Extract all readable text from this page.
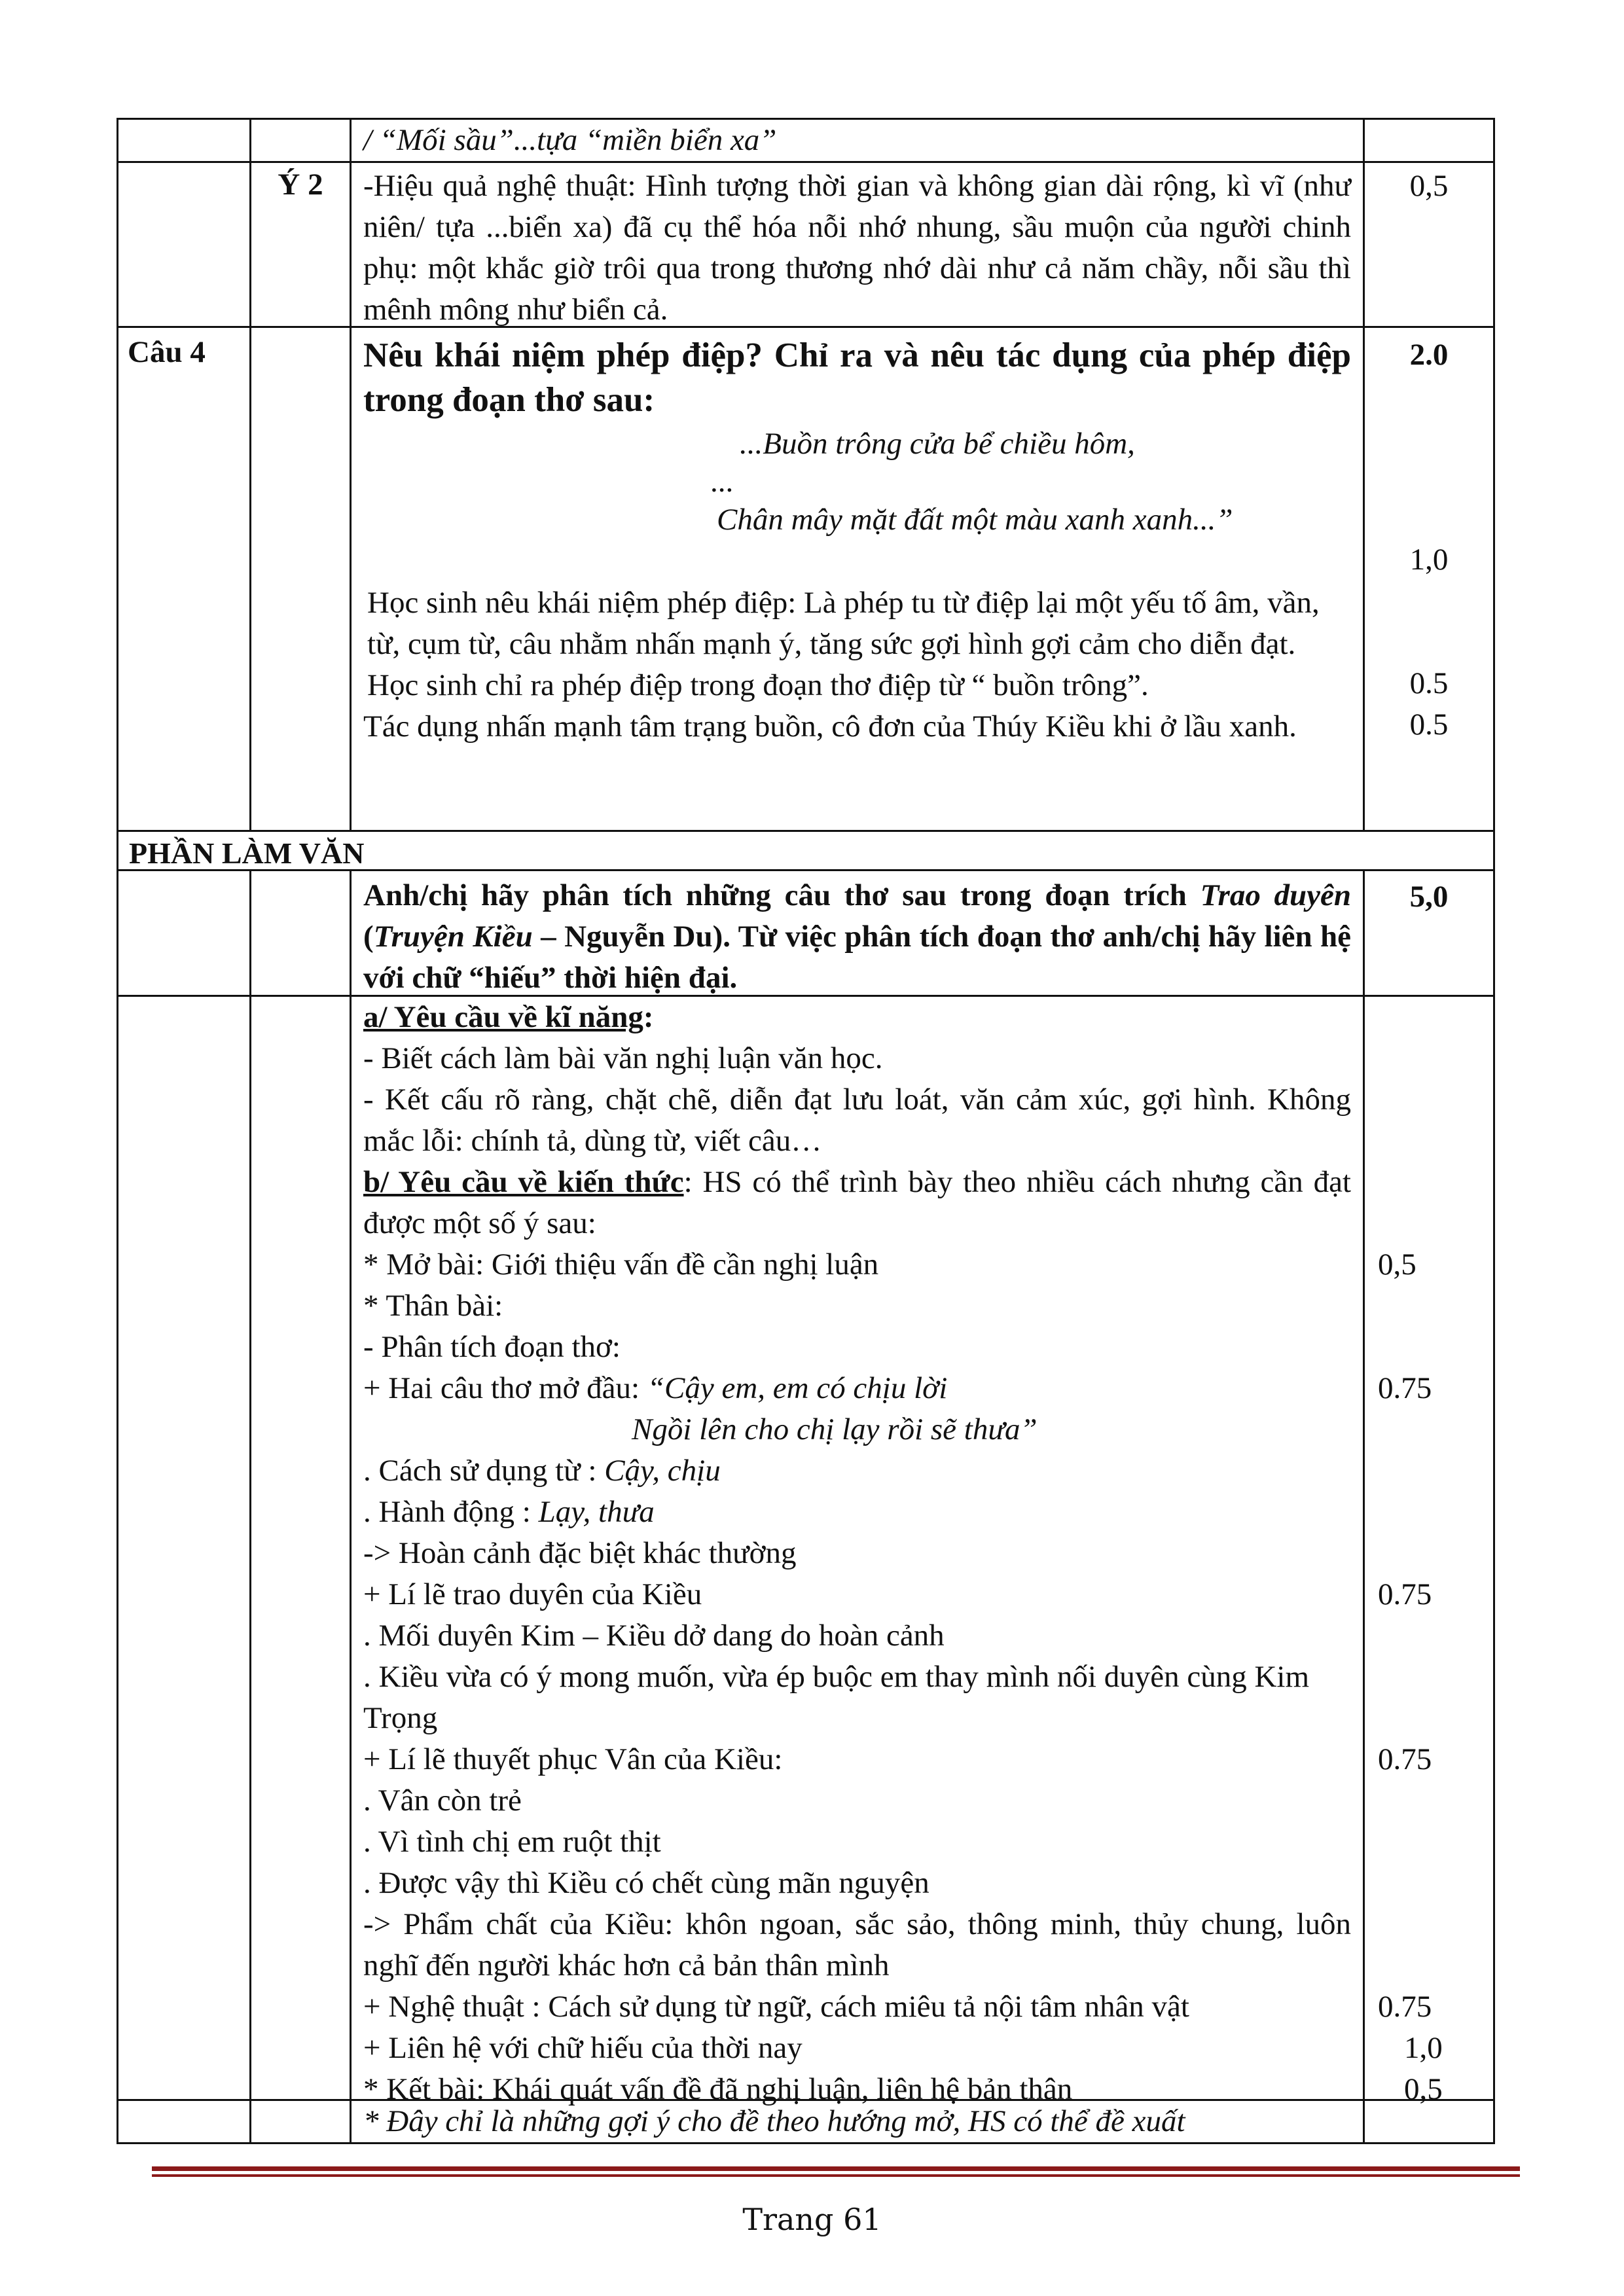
/ “Mối sầu”...tựa “miền biển xa”
Ý 2	-Hiệu quả nghệ thuật: Hình tượng thời gian và không gian dài rộng, kì vĩ (như niên/ tựa ...biển xa) đã cụ thể hóa nỗi nhớ nhung, sầu muộn của người chinh phụ: một khắc giờ trôi qua trong thương nhớ dài như cả năm chầy, nỗi sầu thì mênh mông như biển cả.
0,5
Câu 4	Nêu khái niệm phép điệp? Chỉ ra và nêu tác dụng của phép điệp trong đoạn thơ sau:
...Buồn trông cửa bể chiều hôm,
...
Chân mây mặt đất một màu xanh xanh...”
Học sinh nêu khái niệm phép điệp: Là phép tu từ điệp lại một yếu tố âm, vần, từ, cụm từ, câu nhằm nhấn mạnh ý, tăng sức gợi hình gợi cảm cho diễn đạt.
Học sinh chỉ ra phép điệp trong đoạn thơ điệp từ “ buồn trông”.
Tác dụng nhấn mạnh tâm trạng buồn, cô đơn của Thúy Kiều khi ở lầu xanh.
2.0
1,0
0.5
0.5
PHẦN LÀM VĂN
Anh/chị hãy phân tích những câu thơ sau trong đoạn trích Trao duyên (Truyện Kiều – Nguyễn Du). Từ việc phân tích đoạn thơ anh/chị hãy liên hệ với chữ “hiếu” thời hiện đại.
5,0
a/ Yêu cầu về kĩ năng:
- Biết cách làm bài văn nghị luận văn học.
- Kết cấu rõ ràng, chặt chẽ, diễn đạt lưu loát, văn cảm xúc, gợi hình. Không mắc lỗi: chính tả, dùng từ, viết câu…
b/ Yêu cầu về kiến thức: HS có thể trình bày theo nhiều cách nhưng cần đạt được một số ý sau:
* Mở bài: Giới thiệu vấn đề cần nghị luận
* Thân bài:
- Phân tích đoạn thơ:
+ Hai câu thơ mở đầu: “Cậy em, em có chịu lời
Ngồi lên cho chị lạy rồi sẽ thưa”
. Cách sử dụng từ : Cậy, chịu
. Hành động : Lạy, thưa
-> Hoàn cảnh đặc biệt khác thường
+ Lí lẽ trao duyên của Kiều
. Mối duyên Kim – Kiều dở dang do hoàn cảnh
. Kiều vừa có ý mong muốn, vừa ép buộc em thay mình nối duyên cùng Kim Trọng
+ Lí lẽ thuyết phục Vân của Kiều:
. Vân còn trẻ
. Vì tình chị em ruột thịt
. Được vậy thì Kiều có chết cùng mãn nguyện
-> Phẩm chất của Kiều: khôn ngoan, sắc sảo, thông minh, thủy chung, luôn nghĩ đến người khác hơn cả bản thân mình
+ Nghệ thuật : Cách sử dụng từ ngữ, cách miêu tả nội tâm nhân vật
+ Liên hệ với chữ hiếu của thời nay
* Kết bài: Khái quát vấn đề đã nghị luận, liên hệ bản thân
0,5
0.75
0.75
0.75
0.75
1,0
0,5
* Đây chỉ là những gợi ý cho đề theo hướng mở, HS có thể đề xuất
Trang 61
